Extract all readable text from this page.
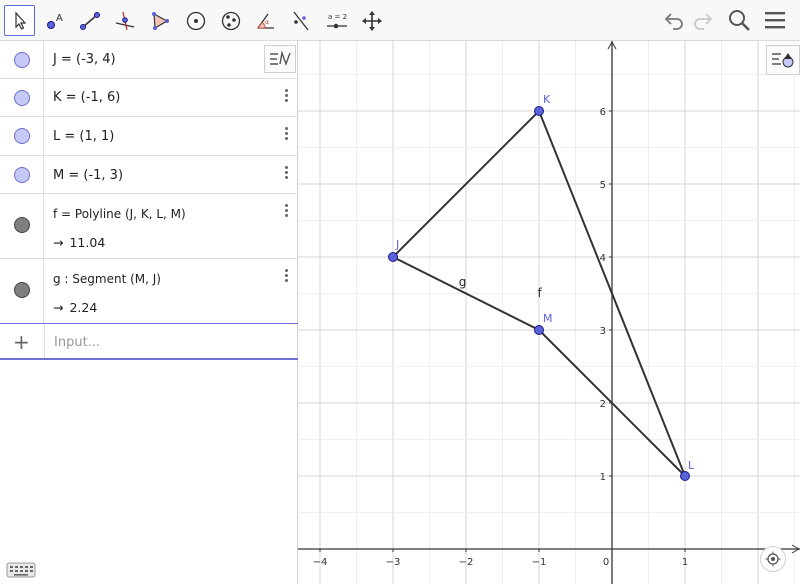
A	α
a = 2
J = (-3, 4)
K = (-1, 6)
L = (1, 1)
M = (-1, 3)
f = Polyline (J, K, L, M)
→ 11.04
g : Segment (M, J)
→ 2.24
+ Input...
−4	−3	−2	−1	0	1
1
2
3
4
5
6
g
f
J
K
L
M
